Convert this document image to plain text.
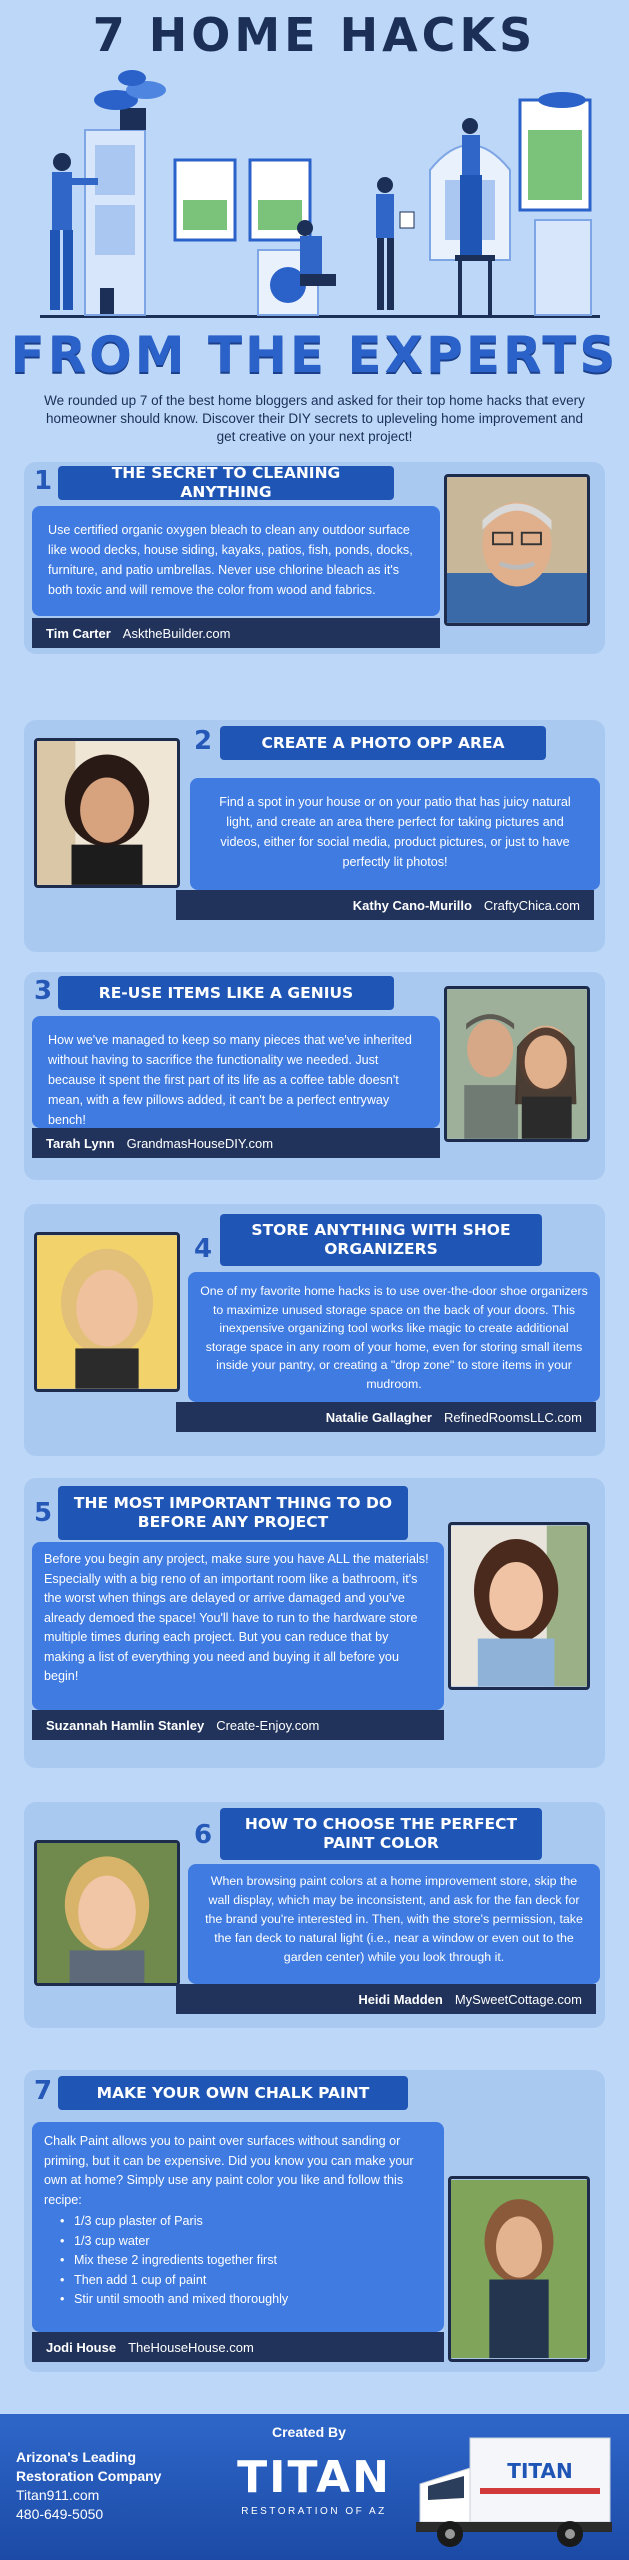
7 HOME HACKS
FROM THE EXPERTS
We rounded up 7 of the best home bloggers and asked for their top home hacks that every homeowner should know. Discover their DIY secrets to upleveling home improvement and get creative on your next project!
1	THE SECRET TO CLEANING ANYTHING
Use certified organic oxygen bleach to clean any outdoor surface like wood decks, house siding, kayaks, patios, fish, ponds, docks, furniture, and patio umbrellas. Never use chlorine bleach as it's both toxic and will remove the color from wood and fabrics.
Tim Carter AsktheBuilder.com
2	CREATE A PHOTO OPP AREA
Find a spot in your house or on your patio that has juicy natural light, and create an area there perfect for taking pictures and videos, either for social media, product pictures, or just to have perfectly lit photos!
Kathy Cano-Murillo CraftyChica.com
3	RE-USE ITEMS LIKE A GENIUS
How we've managed to keep so many pieces that we've inherited without having to sacrifice the functionality we needed. Just because it spent the first part of its life as a coffee table doesn't mean, with a few pillows added, it can't be a perfect entryway bench!
Tarah Lynn GrandmasHouseDIY.com
4
STORE ANYTHING WITH SHOE ORGANIZERS
One of my favorite home hacks is to use over-the-door shoe organizers to maximize unused storage space on the back of your doors. This inexpensive organizing tool works like magic to create additional storage space in any room of your home, even for storing small items inside your pantry, or creating a "drop zone" to store items in your mudroom.
Natalie Gallagher RefinedRoomsLLC.com
5	THE MOST IMPORTANT THING TO DO BEFORE ANY PROJECT
Before you begin any project, make sure you have ALL the materials! Especially with a big reno of an important room like a bathroom, it's the worst when things are delayed or arrive damaged and you've already demoed the space! You'll have to run to the hardware store multiple times during each project. But you can reduce that by making a list of everything you need and buying it all before you begin!
Suzannah Hamlin Stanley Create-Enjoy.com
6	HOW TO CHOOSE THE PERFECT PAINT COLOR
When browsing paint colors at a home improvement store, skip the wall display, which may be inconsistent, and ask for the fan deck for the brand you're interested in. Then, with the store's permission, take the fan deck to natural light (i.e., near a window or even out to the garden center) while you look through it.
Heidi Madden MySweetCottage.com
7	MAKE YOUR OWN CHALK PAINT
Chalk Paint allows you to paint over surfaces without sanding or priming, but it can be expensive. Did you know you can make your own at home? Simply use any paint color you like and follow this recipe:
• 1/3 cup plaster of Paris
• 1/3 cup water
• Mix these 2 ingredients together first
• Then add 1 cup of paint
• Stir until smooth and mixed thoroughly
Jodi House TheHouseHouse.com
Arizona's Leading
Restoration Company
Titan911.com
480-649-5050
Created By
TITAN
RESTORATION OF AZ
TITAN
